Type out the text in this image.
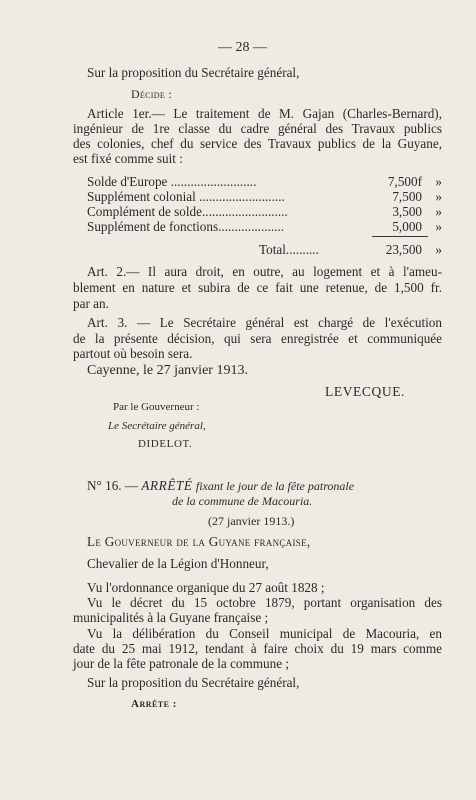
— 28 —
Sur la proposition du Secrétaire général,
Décide :
Article 1er.— Le traitement de M. Gajan (Charles-Bernard),
ingénieur de 1re classe du cadre général des Travaux publics
des colonies, chef du service des Travaux publics de la Guyane,
est fixé comme suit :
Solde d'Europe ..........................	7,500f »
Supplément colonial ..........................	7,500 »
Complément de solde..........................	3,500 »
Supplément de fonctions....................	5,000 »
Total..........	23,500 »
Art. 2.— Il aura droit, en outre, au logement et à l'ameu-
blement en nature et subira de ce fait une retenue, de 1,500 fr.
par an.
Art. 3. — Le Secrétaire général est chargé de l'exécution
de la présente décision, qui sera enregistrée et communiquée
partout où besoin sera.
Cayenne, le 27 janvier 1913.
LEVECQUE.
Par le Gouverneur :
Le Secrétaire général,
DIDELOT.
N° 16. — ARRÊTÉ fixant le jour de la fête patronale
de la commune de Macouria.
(27 janvier 1913.)
Le Gouverneur de la Guyane française,
Chevalier de la Légion d'Honneur,
Vu l'ordonnance organique du 27 août 1828 ;
Vu le décret du 15 octobre 1879, portant organisation des
municipalités à la Guyane française ;
Vu la délibération du Conseil municipal de Macouria, en
date du 25 mai 1912, tendant à faire choix du 19 mars comme
jour de la fête patronale de la commune ;
Sur la proposition du Secrétaire général,
Arrête :
